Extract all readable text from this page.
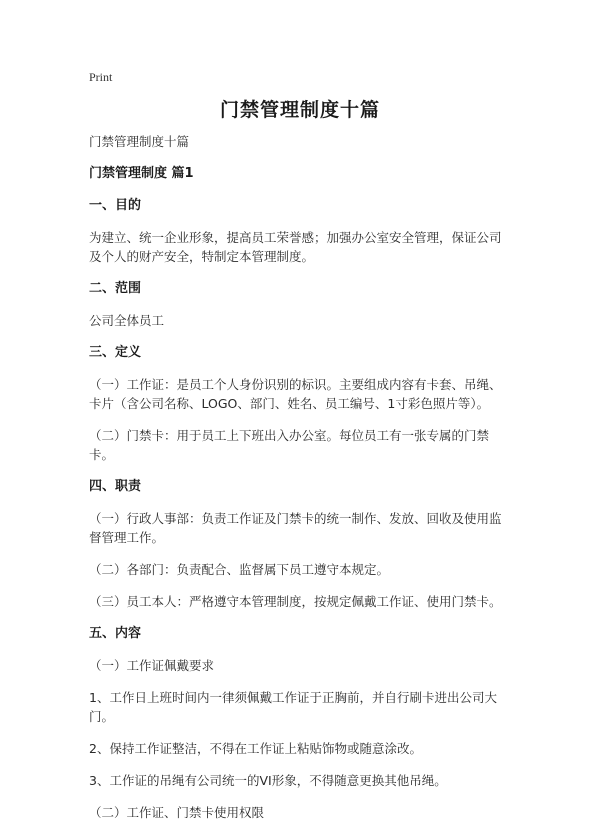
Print
门禁管理制度十篇

门禁管理制度十篇

门禁管理制度 篇1

一、目的

为建立、统一企业形象，提高员工荣誉感；加强办公室安全管理，保证公司及个人的财产安全，特制定本管理制度。

二、范围

公司全体员工

三、定义

（一）工作证：是员工个人身份识别的标识。主要组成内容有卡套、吊绳、卡片（含公司名称、LOGO、部门、姓名、员工编号、1寸彩色照片等）。

（二）门禁卡：用于员工上下班出入办公室。每位员工有一张专属的门禁卡。

四、职责

（一）行政人事部：负责工作证及门禁卡的统一制作、发放、回收及使用监督管理工作。

（二）各部门：负责配合、监督属下员工遵守本规定。

（三）员工本人：严格遵守本管理制度，按规定佩戴工作证、使用门禁卡。

五、内容

（一）工作证佩戴要求

1、工作日上班时间内一律须佩戴工作证于正胸前，并自行刷卡进出公司大门。

2、保持工作证整洁，不得在工作证上粘贴饰物或随意涂改。

3、工作证的吊绳有公司统一的VI形象，不得随意更换其他吊绳。

（二）工作证、门禁卡使用权限
